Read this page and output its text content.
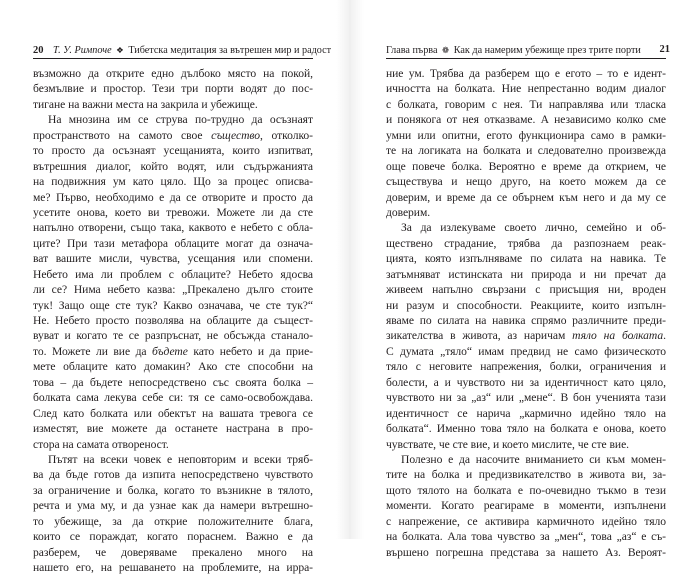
20 Т. У. Римпоче ❖ Тибетска медитация за вътрешен мир и радост
възможно да открите едно дълбоко място на покой,
безмълвие и простор. Тези три порти водят до пос-
тигане на важни места на закрила и убежище.
На мнозина им се струва по-трудно да осъзнаят
пространството на самото свое същество, отколко-
то просто да осъзнаят усещанията, които изпитват,
вътрешния диалог, който водят, или съдържанията
на подвижния ум като цяло. Що за процес описва-
ме? Първо, необходимо е да се отворите и просто да
усетите онова, което ви тревожи. Можете ли да сте
напълно отворени, също така, каквото е небето с обла-
ците? При тази метафора облаците могат да означа-
ват вашите мисли, чувства, усещания или спомени.
Небето има ли проблем с облаците? Небето ядосва
ли се? Нима небето казва: „Прекалено дълго стоите
тук! Защо още сте тук? Какво означава, че сте тук?“
Не. Небето просто позволява на облаците да същест-
вуват и когато те се разпръснат, не обсъжда станало-
то. Можете ли вие да бъдете като небето и да прие-
мете облаците като домакин? Ако сте способни на
това – да бъдете непосредствено със своята болка –
болката сама лекува себе си: тя се само-освобождава.
След като болката или обектът на вашата тревога се
изместят, вие можете да останете настрана в про-
стора на самата отвореност.
Пътят на всеки човек е неповторим и всеки тряб-
ва да бъде готов да изпита непосредствено чувството
за ограничение и болка, когато то възникне в тялото,
речта и ума му, и да узнае как да намери вътрешно-
то убежище, за да открие положителните блага,
които се пораждат, когато пораснем. Важно е да
разберем, че доверяваме прекалено много на
нашето его, на решаването на проблемите, на ирра-
Глава първа ❁ Как да намерим убежище през трите порти 21
ние ум. Трябва да разберем що е егото – то е идент-
ичността на болката. Ние непрестанно водим диалог
с болката, говорим с нея. Ти направлява или тласка
и понякога от нея отказваме. А независимо колко сме
умни или опитни, егото функционира само в рамки-
те на логиката на болката и следователно произвежда
още повече болка. Вероятно е време да открием, че
съществува и нещо друго, на което можем да се
доверим, и време да се обърнем към него и да му се
доверим.
За да излекуваме своето лично, семейно и об-
ществено страдание, трябва да разпознаем реак-
цията, която изпълняваме по силата на навика. Те
затъмняват истинската ни природа и ни пречат да
живеем напълно свързани с присъщия ни, вроден
ни разум и способности. Реакциите, които изпълн-
яваме по силата на навика спрямо различните преди-
зикателства в живота, аз наричам тяло на болката.
С думата „тяло“ имам предвид не само физическото
тяло с неговите напрежения, болки, ограничения и
болести, а и чувството ни за идентичност като цяло,
чувството ни за „аз“ или „мене“. В бон ученията тази
идентичност се нарича „кармично идейно тяло на
болката“. Именно това тяло на болката е онова, което
чувствате, че сте вие, и което мислите, че сте вие.
Полезно е да насочите вниманието си към момен-
тите на болка и предизвикателство в живота ви, за-
щото тялото на болката е по-очевидно тъкмо в тези
моменти. Когато реагираме в моменти, изпълнени
с напрежение, се активира кармичното идейно тяло
на болката. Ала това чувство за „мен“, това „аз“ е съ-
вършено погрешна представа за нашето Аз. Вероят-
